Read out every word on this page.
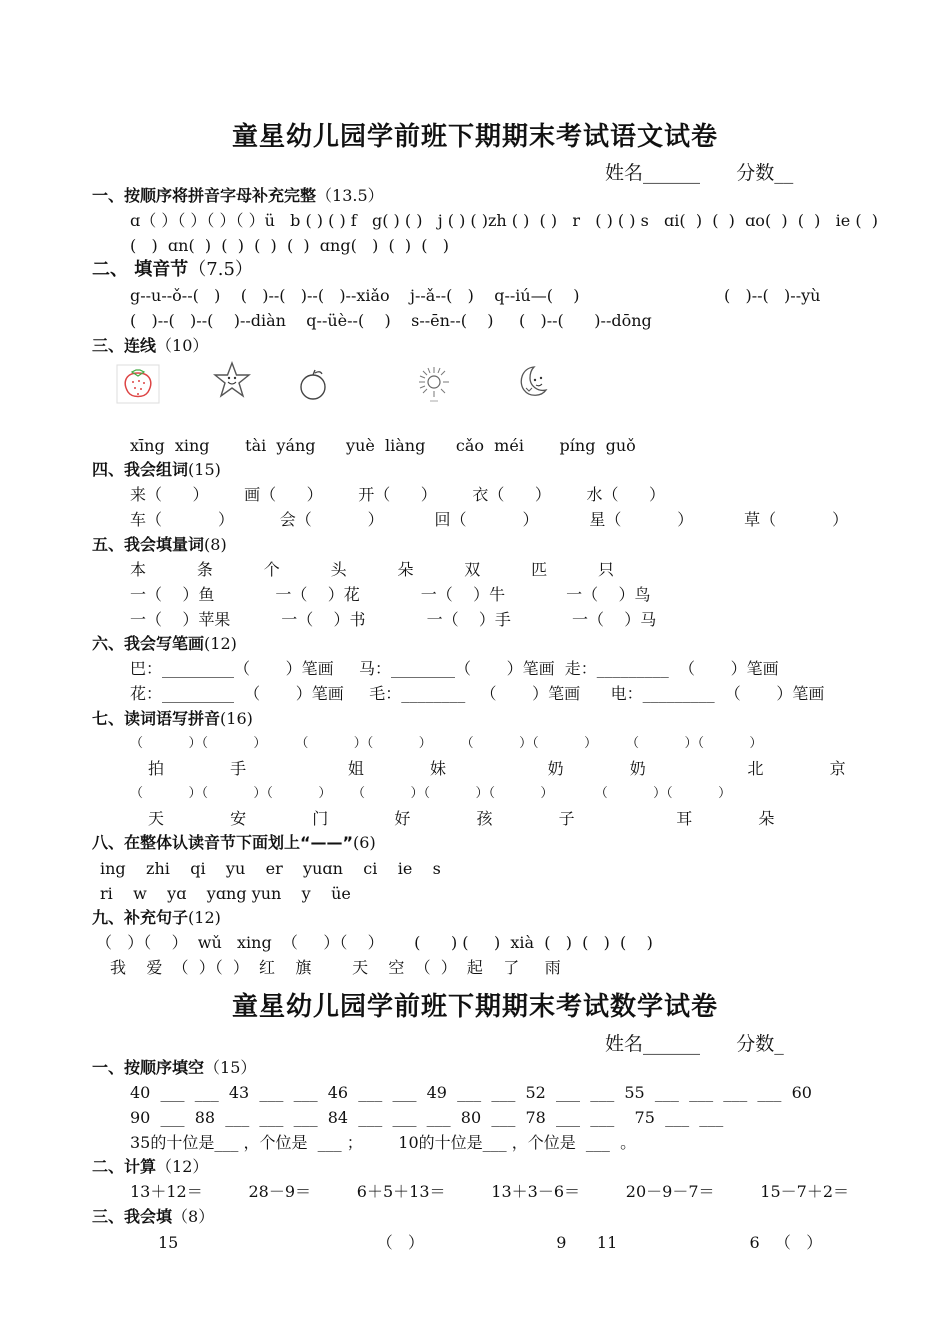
童星幼儿园学前班下期期末考试语文试卷
姓名______      分数__
一、按顺序将拼音字母补充完整（13.5）
ɑ（ ）（ ）（ ）（ ）ü   b ( ) ( ) f   g( ) ( )   j ( ) ( )zh ( )  ( )   r   ( ) ( ) s   ɑi(  )  (  )  ɑo(  )  (  )   ie (  )
(   )  ɑn(  )  (  )  (  )  (  )  ɑng(   )  (  )  (   )
二、 填音节（7.5）
g--u--ǒ--(   )    (   )--(   )--(   )--xiǎo    j--ǎ--(   )    q--iú—(    )	(   )--(   )--yù
(   )--(   )--(    )--diàn    q--üè--(    )    s--ēn--(    )     (   )--(      )--dōng
三、连线（10）
xīng  xing       tài  yáng      yuè  liàng      cǎo  méi       píng  guǒ
四、我会组词(15)
来（      ）       画（      ）       开（      ）       衣（      ）       水（      ）
车（           ）         会（           ）          回（           ）          星（           ）          草（           ）
五、我会填量词(8)
本          条          个          头          朵          双          匹          只
一（    ）鱼            一（    ）花            一（    ）牛            一（    ）鸟
一（    ）苹果          一（    ）书            一（    ）手            一（    ）马
六、我会写笔画(12)
巴：_________（       ）笔画     马：________（       ）笔画  走：_________  （       ）笔画
花：_________  （       ）笔画     毛：________   （       ）笔画      电：_________  （       ）笔画
七、读词语写拼音(16)
（           ）（           ）       （           ）（           ）       （           ）（           ）       （           ）（           ）
拍             手                    姐             妹                    奶             奶                    北             京
（           ）（           ）（           ）     （           ）（           ）（           ）          （           ）（           ）
天             安             门             好             孩             子                    耳             朵
八、在整体认读音节下面划上“——”(6)
ing    zhi    qi    yu    er    yuɑn    ci    ie    s
ri    w    yɑ    yɑng yun    y    üe
九、补充句子(12)
（   ）（    ）  wǔ   xing  （     ）（    ）      (      ) (     )  xià  (   )  (   )  (    )
我    爱  （  ）（  ）  红    旗        天    空  （  ）  起    了     雨
童星幼儿园学前班下期期末考试数学试卷
姓名______      分数_
一、按顺序填空（15）
40  ___  ___  43  ___  ___  46  ___  ___  49  ___  ___  52  ___  ___  55  ___  ___  ___  ___  60
90  ___  88  ___  ___  ___  84  ___  ___  ___  80  ___  78  ___  ___    75  ___  ___
35的十位是___ ，个位是  ___ ；       10的十位是___ ，个位是  ___  。
二、计算（12）
13＋12＝         28－9＝         6＋5＋13＝         13＋3－6＝         20－9－7＝         15－7＋2＝
三、我会填（8）
15                                       （   ）                          9      11                          6   （   ）
